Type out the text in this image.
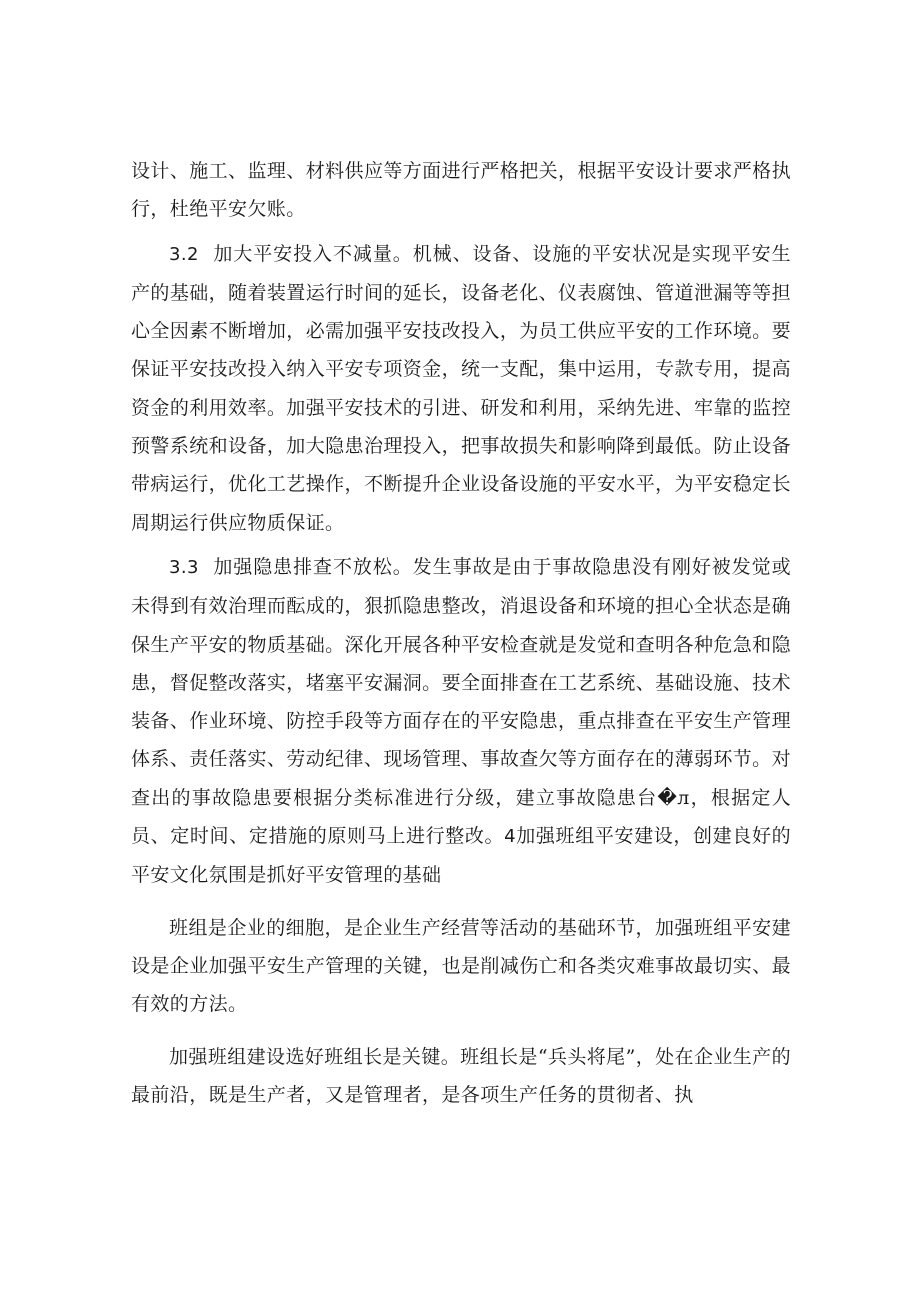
设计、施工、监理、材料供应等方面进行严格把关，根据平安设计要求严格执行，杜绝平安欠账。

3.2 加大平安投入不减量。机械、设备、设施的平安状况是实现平安生产的基础，随着装置运行时间的延长，设备老化、仪表腐蚀、管道泄漏等等担心全因素不断增加，必需加强平安技改投入，为员工供应平安的工作环境。要保证平安技改投入纳入平安专项资金，统一支配，集中运用，专款专用，提高资金的利用效率。加强平安技术的引进、研发和利用，采纳先进、牢靠的监控预警系统和设备，加大隐患治理投入，把事故损失和影响降到最低。防止设备带病运行，优化工艺操作，不断提升企业设备设施的平安水平，为平安稳定长周期运行供应物质保证。

3.3 加强隐患排查不放松。发生事故是由于事故隐患没有刚好被发觉或未得到有效治理而酝成的，狠抓隐患整改，消退设备和环境的担心全状态是确保生产平安的物质基础。深化开展各种平安检查就是发觉和查明各种危急和隐患，督促整改落实，堵塞平安漏洞。要全面排查在工艺系统、基础设施、技术装备、作业环境、防控手段等方面存在的平安隐患，重点排查在平安生产管理体系、责任落实、劳动纪律、现场管理、事故查欠等方面存在的薄弱环节。对查出的事故隐患要根据分类标准进行分级，建立事故隐患台�л，根据定人员、定时间、定措施的原则马上进行整改。4加强班组平安建设，创建良好的平安文化氛围是抓好平安管理的基础

班组是企业的细胞，是企业生产经营等活动的基础环节，加强班组平安建设是企业加强平安生产管理的关键，也是削减伤亡和各类灾难事故最切实、最有效的方法。

加强班组建设选好班组长是关键。班组长是“兵头将尾”，处在企业生产的最前沿，既是生产者，又是管理者，是各项生产任务的贯彻者、执
